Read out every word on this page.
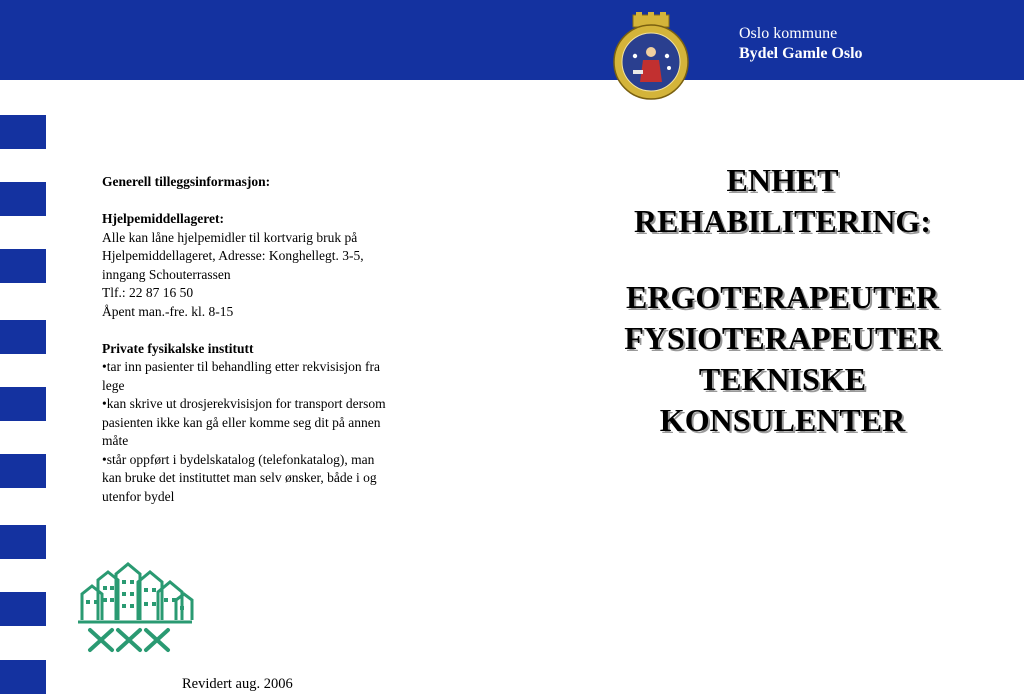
Oslo kommune
Bydel Gamle Oslo

Generell tilleggsinformasjon:

Hjelpemiddellageret:
Alle kan låne hjelpemidler til kortvarig bruk på Hjelpemiddellageret, Adresse: Konghellegt. 3-5, inngang Schouterrassen
Tlf.: 22 87 16 50
Åpent man.-fre. kl. 8-15

Private fysikalske institutt
•tar inn pasienter til behandling etter rekvisisjon fra lege
•kan skrive ut drosjerekvisisjon for transport dersom pasienten ikke kan gå eller komme seg dit på annen måte
•står oppført i bydelskatalog (telefonkatalog), man kan bruke det instituttet man selv ønsker, både i og utenfor bydel

Revidert aug. 2006
ENHET
REHABILITERING:
ERGOTERAPEUTER
FYSIOTERAPEUTER
TEKNISKE
KONSULENTER
